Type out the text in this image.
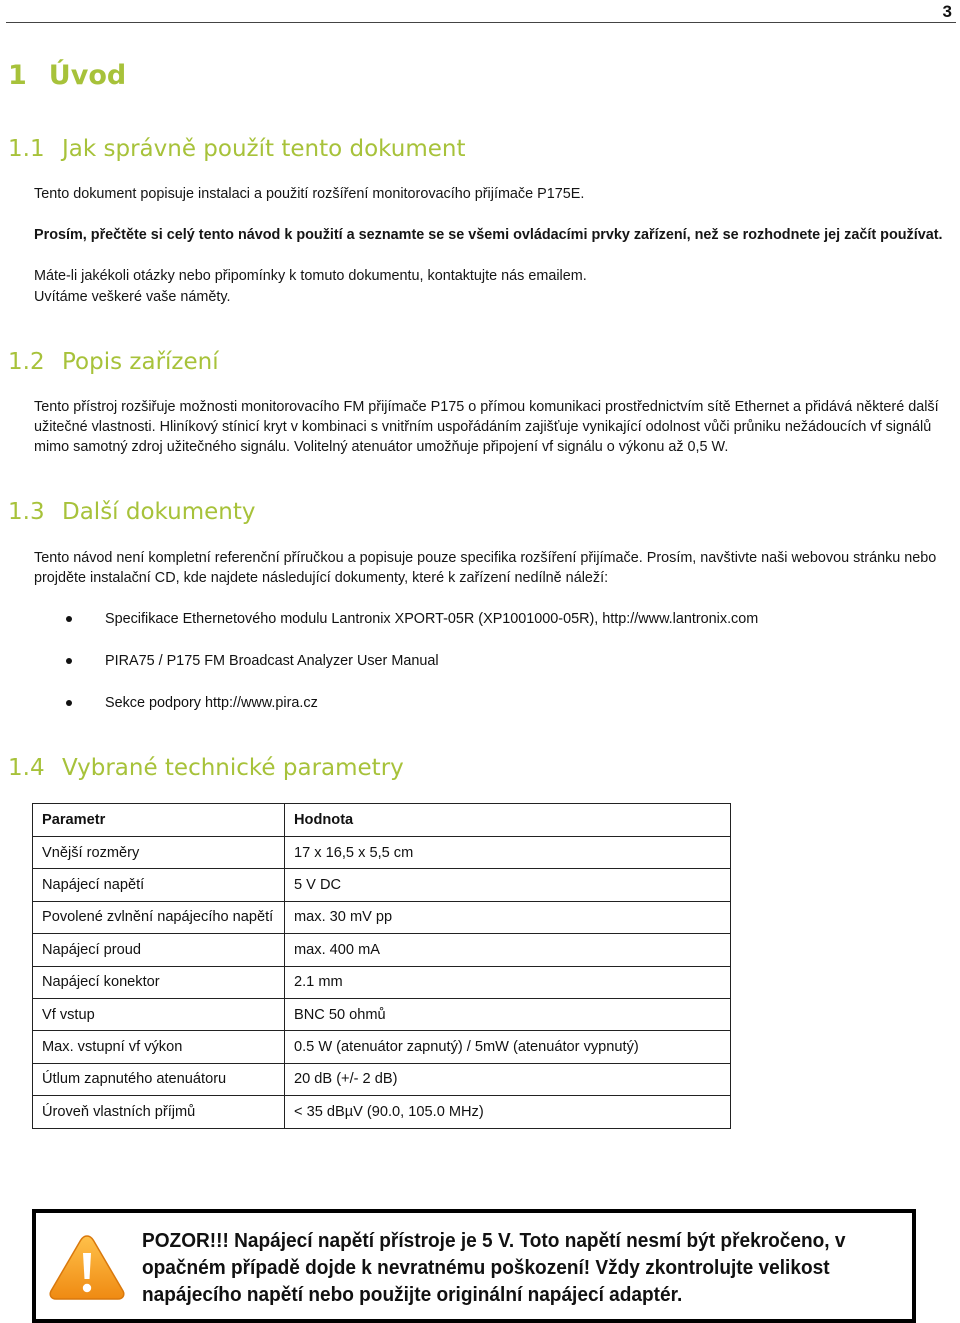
3
1 Úvod
1.1 Jak správně použít tento dokument
Tento dokument popisuje instalaci a použití rozšíření monitorovacího přijímače P175E.
Prosím, přečtěte si celý tento návod k použití a seznamte se se všemi ovládacími prvky zařízení, než se rozhodnete jej začít používat.
Máte-li jakékoli otázky nebo připomínky k tomuto dokumentu, kontaktujte nás emailem.
Uvítáme veškeré vaše náměty.
1.2 Popis zařízení
Tento přístroj rozšiřuje možnosti monitorovacího FM přijímače P175 o přímou komunikaci prostřednictvím sítě Ethernet a přidává některé další užitečné vlastnosti. Hliníkový stínicí kryt v kombinaci s vnitřním uspořádáním zajišťuje vynikající odolnost vůči průniku nežádoucích vf signálů mimo samotný zdroj užitečného signálu. Volitelný atenuátor umožňuje připojení vf signálu o výkonu až 0,5 W.
1.3 Další dokumenty
Tento návod není kompletní referenční příručkou a popisuje pouze specifika rozšíření přijímače. Prosím, navštivte naši webovou stránku nebo projděte instalační CD, kde najdete následující dokumenty, které k zařízení nedílně náleží:
Specifikace Ethernetového modulu Lantronix XPORT-05R (XP1001000-05R), http://www.lantronix.com
PIRA75 / P175 FM Broadcast Analyzer User Manual
Sekce podpory http://www.pira.cz
1.4 Vybrané technické parametry
Parametr	Hodnota
Vnější rozměry	17 x 16,5 x 5,5 cm
Napájecí napětí	5 V DC
Povolené zvlnění napájecího napětí	max. 30 mV pp
Napájecí proud	max. 400 mA
Napájecí konektor	2.1 mm
Vf vstup	BNC 50 ohmů
Max. vstupní vf výkon	0.5 W (atenuátor zapnutý) / 5mW (atenuátor vypnutý)
Útlum zapnutého atenuátoru	20 dB (+/- 2 dB)
Úroveň vlastních příjmů	< 35 dBµV (90.0, 105.0 MHz)
POZOR!!! Napájecí napětí přístroje je 5 V. Toto napětí nesmí být překročeno, v opačném případě dojde k nevratnému poškození! Vždy zkontrolujte velikost napájecího napětí nebo použijte originální napájecí adaptér.
